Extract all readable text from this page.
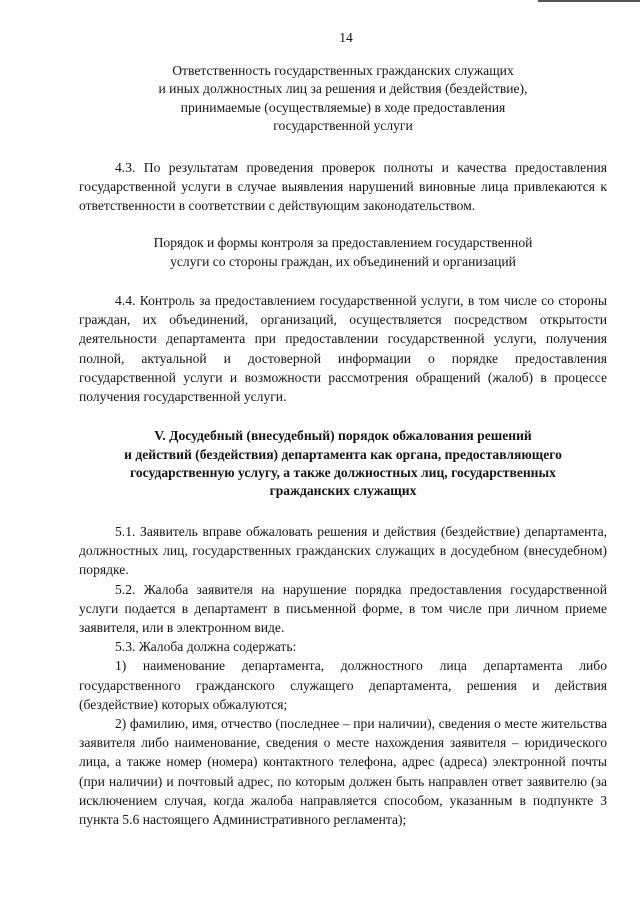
14
Ответственность государственных гражданских служащих
и иных должностных лиц за решения и действия (бездействие),
принимаемые (осуществляемые) в ходе предоставления
государственной услуги

4.3. По результатам проведения проверок полноты и качества предоставления государственной услуги в случае выявления нарушений виновные лица привлекаются к ответственности в соответствии с действующим законодательством.

Порядок и формы контроля за предоставлением государственной
услуги со стороны граждан, их объединений и организаций

4.4. Контроль за предоставлением государственной услуги, в том числе со стороны граждан, их объединений, организаций, осуществляется посредством открытости деятельности департамента при предоставлении государственной услуги, получения полной, актуальной и достоверной информации о порядке предоставления государственной услуги и возможности рассмотрения обращений (жалоб) в процессе получения государственной услуги.

V. Досудебный (внесудебный) порядок обжалования решений
и действий (бездействия) департамента как органа, предоставляющего
государственную услугу, а также должностных лиц, государственных
гражданских служащих

5.1. Заявитель вправе обжаловать решения и действия (бездействие) департамента, должностных лиц, государственных гражданских служащих в досудебном (внесудебном) порядке.

5.2. Жалоба заявителя на нарушение порядка предоставления государственной услуги подается в департамент в письменной форме, в том числе при личном приеме заявителя, или в электронном виде.

5.3. Жалоба должна содержать:

1) наименование департамента, должностного лица департамента либо государственного гражданского служащего департамента, решения и действия (бездействие) которых обжалуются;

2) фамилию, имя, отчество (последнее – при наличии), сведения о месте жительства заявителя либо наименование, сведения о месте нахождения заявителя – юридического лица, а также номер (номера) контактного телефона, адрес (адреса) электронной почты (при наличии) и почтовый адрес, по которым должен быть направлен ответ заявителю (за исключением случая, когда жалоба направляется способом, указанным в подпункте 3 пункта 5.6 настоящего Административного регламента);
